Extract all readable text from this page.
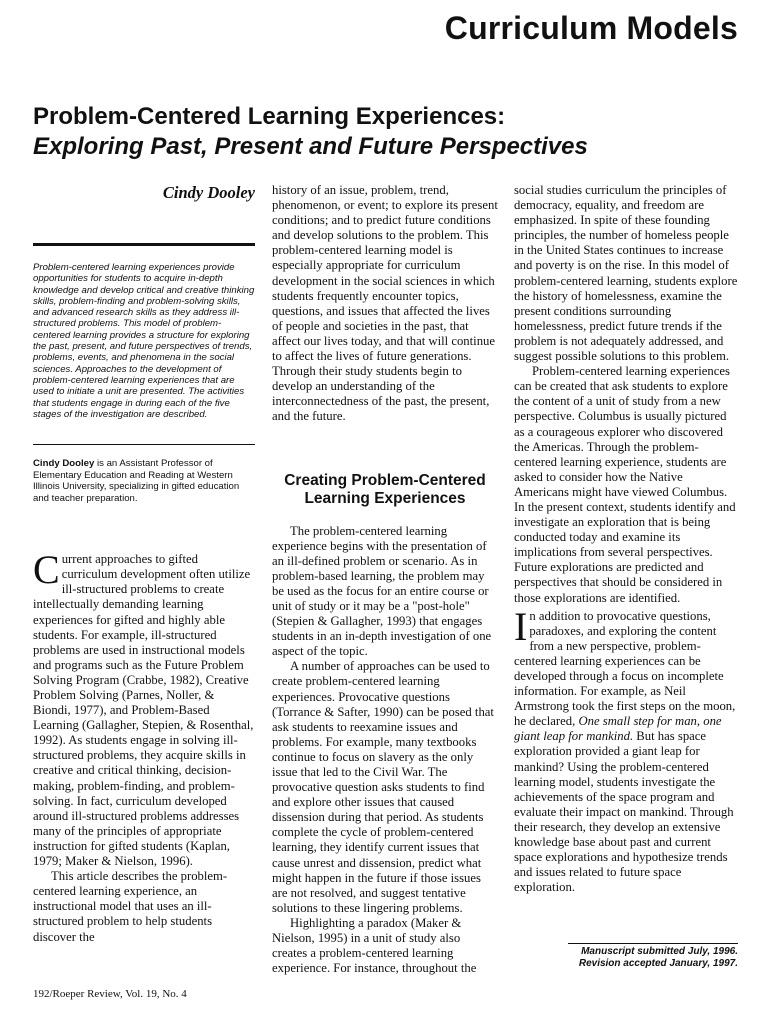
Curriculum Models
Problem-Centered Learning Experiences:
Exploring Past, Present and Future Perspectives

Cindy Dooley

Problem-centered learning experiences provide opportunities for students to acquire in-depth knowledge and develop critical and creative thinking skills, problem-finding and problem-solving skills, and advanced research skills as they address ill-structured problems. This model of problem-centered learning provides a structure for exploring the past, present, and future perspectives of trends, problems, events, and phenomena in the social sciences. Approaches to the development of problem-centered learning experiences that are used to initiate a unit are presented. The activities that students engage in during each of the five stages of the investigation are described.

Cindy Dooley is an Assistant Professor of Elementary Education and Reading at Western Illinois University, specializing in gifted education and teacher preparation.

Current approaches to gifted curriculum development often utilize ill-structured problems to create intellectually demanding learning experiences for gifted and highly able students. For example, ill-structured problems are used in instructional models and programs such as the Future Problem Solving Program (Crabbe, 1982), Creative Problem Solving (Parnes, Noller, & Biondi, 1977), and Problem-Based Learning (Gallagher, Stepien, & Rosenthal, 1992). As students engage in solving ill-structured problems, they acquire skills in creative and critical thinking, decision-making, problem-finding, and problem-solving. In fact, curriculum developed around ill-structured problems addresses many of the principles of appropriate instruction for gifted students (Kaplan, 1979; Maker & Nielson, 1996).

This article describes the problem-centered learning experience, an instructional model that uses an ill-structured problem to help students discover the

history of an issue, problem, trend, phenomenon, or event; to explore its present conditions; and to predict future conditions and develop solutions to the problem. This problem-centered learning model is especially appropriate for curriculum development in the social sciences in which students frequently encounter topics, questions, and issues that affected the lives of people and societies in the past, that affect our lives today, and that will continue to affect the lives of future generations. Through their study students begin to develop an understanding of the interconnectedness of the past, the present, and the future.

Creating Problem-Centered Learning Experiences

The problem-centered learning experience begins with the presentation of an ill-defined problem or scenario. As in problem-based learning, the problem may be used as the focus for an entire course or unit of study or it may be a "post-hole" (Stepien & Gallagher, 1993) that engages students in an in-depth investigation of one aspect of the topic.

A number of approaches can be used to create problem-centered learning experiences. Provocative questions (Torrance & Safter, 1990) can be posed that ask students to reexamine issues and problems. For example, many textbooks continue to focus on slavery as the only issue that led to the Civil War. The provocative question asks students to find and explore other issues that caused dissension during that period. As students complete the cycle of problem-centered learning, they identify current issues that cause unrest and dissension, predict what might happen in the future if those issues are not resolved, and suggest tentative solutions to these lingering problems.

Highlighting a paradox (Maker & Nielson, 1995) in a unit of study also creates a problem-centered learning experience. For instance, throughout the

social studies curriculum the principles of democracy, equality, and freedom are emphasized. In spite of these founding principles, the number of homeless people in the United States continues to increase and poverty is on the rise. In this model of problem-centered learning, students explore the history of homelessness, examine the present conditions surrounding homelessness, predict future trends if the problem is not adequately addressed, and suggest possible solutions to this problem.

Problem-centered learning experiences can be created that ask students to explore the content of a unit of study from a new perspective. Columbus is usually pictured as a courageous explorer who discovered the Americas. Through the problem-centered learning experience, students are asked to consider how the Native Americans might have viewed Columbus. In the present context, students identify and investigate an exploration that is being conducted today and examine its implications from several perspectives. Future explorations are predicted and perspectives that should be considered in those explorations are identified.

In addition to provocative questions, paradoxes, and exploring the content from a new perspective, problem-centered learning experiences can be developed through a focus on incomplete information. For example, as Neil Armstrong took the first steps on the moon, he declared, One small step for man, one giant leap for mankind. But has space exploration provided a giant leap for mankind? Using the problem-centered learning model, students investigate the achievements of the space program and evaluate their impact on mankind. Through their research, they develop an extensive knowledge base about past and current space explorations and hypothesize trends and issues related to future space exploration.

Manuscript submitted July, 1996.
Revision accepted January, 1997.
192/Roeper Review, Vol. 19, No. 4
